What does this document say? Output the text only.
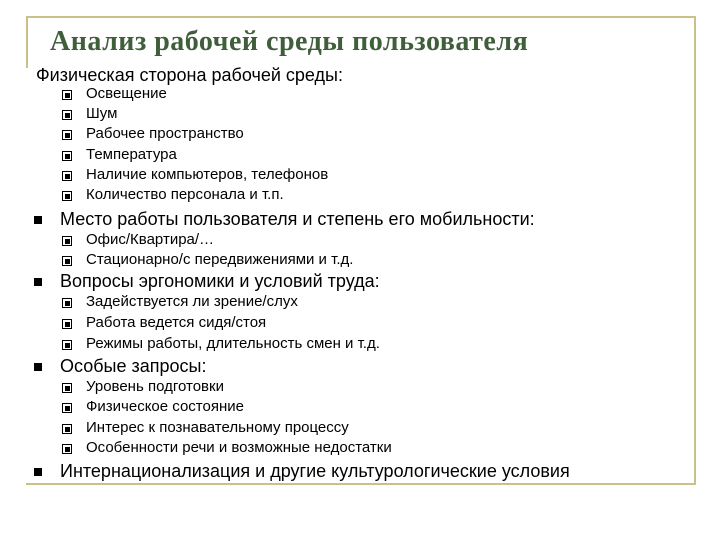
Анализ рабочей среды пользователя
Физическая сторона рабочей среды:
Освещение
Шум
Рабочее пространство
Температура
Наличие компьютеров, телефонов
Количество персонала и т.п.
Место работы пользователя и степень его мобильности:
Офис/Квартира/…
Стационарно/с передвижениями и т.д.
Вопросы эргономики и условий труда:
Задействуется ли зрение/слух
Работа ведется сидя/стоя
Режимы работы, длительность смен и т.д.
Особые запросы:
Уровень подготовки
Физическое состояние
Интерес к познавательному процессу
Особенности речи и возможные недостатки
Интернационализация и другие культурологические условия
